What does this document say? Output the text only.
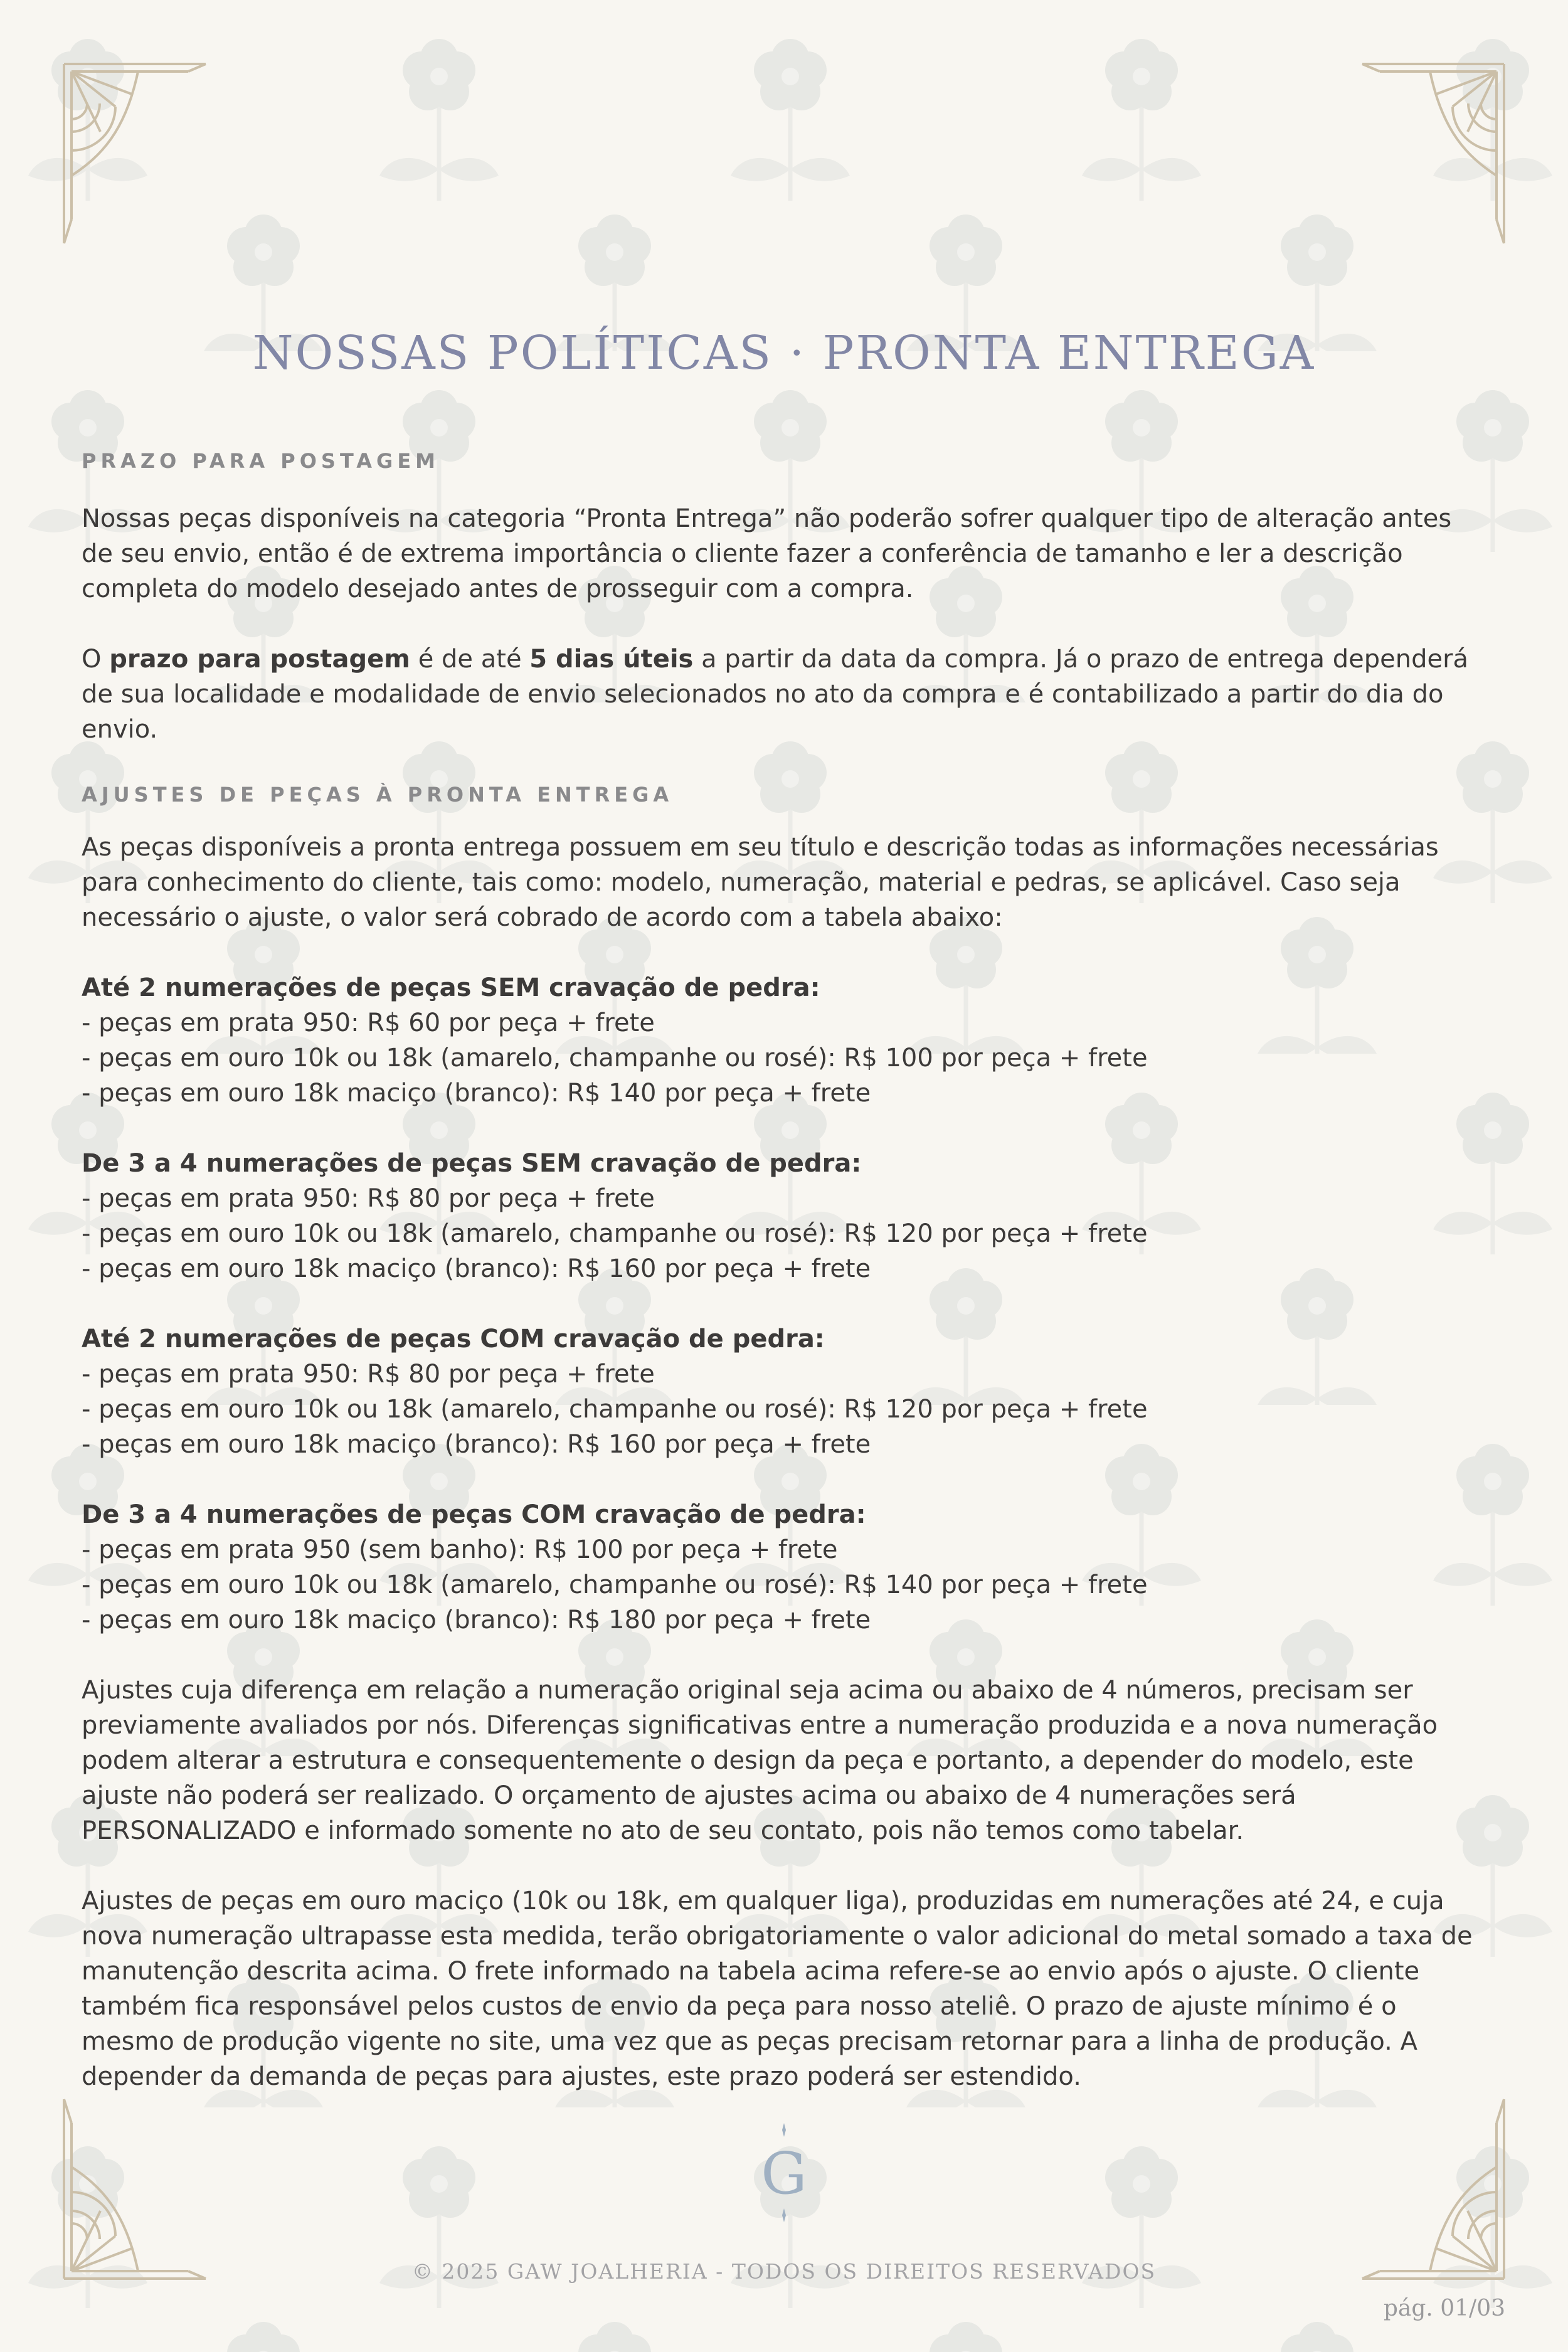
NOSSAS POLÍTICAS · PRONTA ENTREGA
PRAZO PARA POSTAGEM

Nossas peças disponíveis na categoria “Pronta Entrega” não poderão sofrer qualquer tipo de alteração antes de seu envio, então é de extrema importância o cliente fazer a conferência de tamanho e ler a descrição completa do modelo desejado antes de prosseguir com a compra.

O prazo para postagem é de até 5 dias úteis a partir da data da compra. Já o prazo de entrega dependerá de sua localidade e modalidade de envio selecionados no ato da compra e é contabilizado a partir do dia do envio.

AJUSTES DE PEÇAS À PRONTA ENTREGA

As peças disponíveis a pronta entrega possuem em seu título e descrição todas as informações necessárias para conhecimento do cliente, tais como: modelo, numeração, material e pedras, se aplicável. Caso seja necessário o ajuste, o valor será cobrado de acordo com a tabela abaixo:

Até 2 numerações de peças SEM cravação de pedra:
- peças em prata 950: R$ 60 por peça + frete
- peças em ouro 10k ou 18k (amarelo, champanhe ou rosé): R$ 100 por peça + frete
- peças em ouro 18k maciço (branco): R$ 140 por peça + frete
De 3 a 4 numerações de peças SEM cravação de pedra:
- peças em prata 950: R$ 80 por peça + frete
- peças em ouro 10k ou 18k (amarelo, champanhe ou rosé): R$ 120 por peça + frete
- peças em ouro 18k maciço (branco): R$ 160 por peça + frete
Até 2 numerações de peças COM cravação de pedra:
- peças em prata 950: R$ 80 por peça + frete
- peças em ouro 10k ou 18k (amarelo, champanhe ou rosé): R$ 120 por peça + frete
- peças em ouro 18k maciço (branco): R$ 160 por peça + frete
De 3 a 4 numerações de peças COM cravação de pedra:
- peças em prata 950 (sem banho): R$ 100 por peça + frete
- peças em ouro 10k ou 18k (amarelo, champanhe ou rosé): R$ 140 por peça + frete
- peças em ouro 18k maciço (branco): R$ 180 por peça + frete

Ajustes cuja diferença em relação a numeração original seja acima ou abaixo de 4 números, precisam ser previamente avaliados por nós. Diferenças significativas entre a numeração produzida e a nova numeração podem alterar a estrutura e consequentemente o design da peça e portanto, a depender do modelo, este ajuste não poderá ser realizado. O orçamento de ajustes acima ou abaixo de 4 numerações será PERSONALIZADO e informado somente no ato de seu contato, pois não temos como tabelar.

Ajustes de peças em ouro maciço (10k ou 18k, em qualquer liga), produzidas em numerações até 24, e cuja nova numeração ultrapasse esta medida, terão obrigatoriamente o valor adicional do metal somado a taxa de manutenção descrita acima. O frete informado na tabela acima refere-se ao envio após o ajuste. O cliente também fica responsável pelos custos de envio da peça para nosso ateliê. O prazo de ajuste mínimo é o mesmo de produção vigente no site, uma vez que as peças precisam retornar para a linha de produção. A depender da demanda de peças para ajustes, este prazo poderá ser estendido.

G
© 2025 GAW JOALHERIA - TODOS OS DIREITOS RESERVADOS
pág. 01/03
